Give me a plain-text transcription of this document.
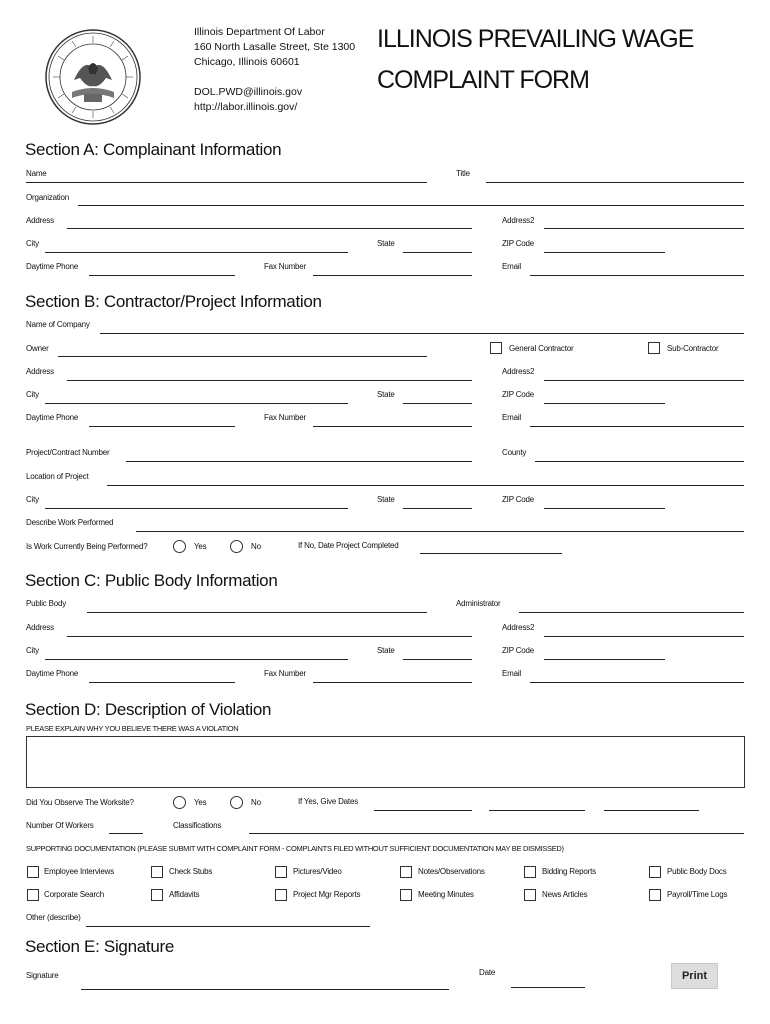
Illinois Department Of Labor
160 North Lasalle Street, Ste 1300
Chicago, Illinois 60601
DOL.PWD@illinois.gov
http://labor.illinois.gov/
ILLINOIS PREVAILING WAGE
COMPLAINT FORM
Section A: Complainant Information
Name	Title
Organization
Address	Address2
City	State	ZIP Code
Daytime Phone	Fax Number	Email
Section B: Contractor/Project Information
Name of Company
Owner	General Contractor	Sub-Contractor
Address	Address2
City	State	ZIP Code
Daytime Phone	Fax Number	Email
Project/Contract Number	County
Location of Project
City	State	ZIP Code
Describe Work Performed
Is Work Currently Being Performed?	Yes	No	If No, Date Project Completed
Section C: Public Body Information
Public Body	Administrator
Address	Address2
City	State	ZIP Code
Daytime Phone	Fax Number	Email
Section D: Description of Violation
PLEASE EXPLAIN WHY YOU BELIEVE THERE WAS A VIOLATION
Did You Observe The Worksite?	Yes	No	If Yes, Give Dates
Number Of Workers	Classifications
SUPPORTING DOCUMENTATION (PLEASE SUBMIT WITH COMPLAINT FORM - COMPLAINTS FILED WITHOUT SUFFICIENT DOCUMENTATION MAY BE DISMISSED)
Employee Interviews	Check Stubs	Pictures/Video	Notes/Observations	Bidding Reports	Public Body Docs
Corporate Search	Affidavits	Project Mgr Reports	Meeting Minutes	News Articles	Payroll/Time Logs
Other (describe)
Section E: Signature
Signature	Date	Print
